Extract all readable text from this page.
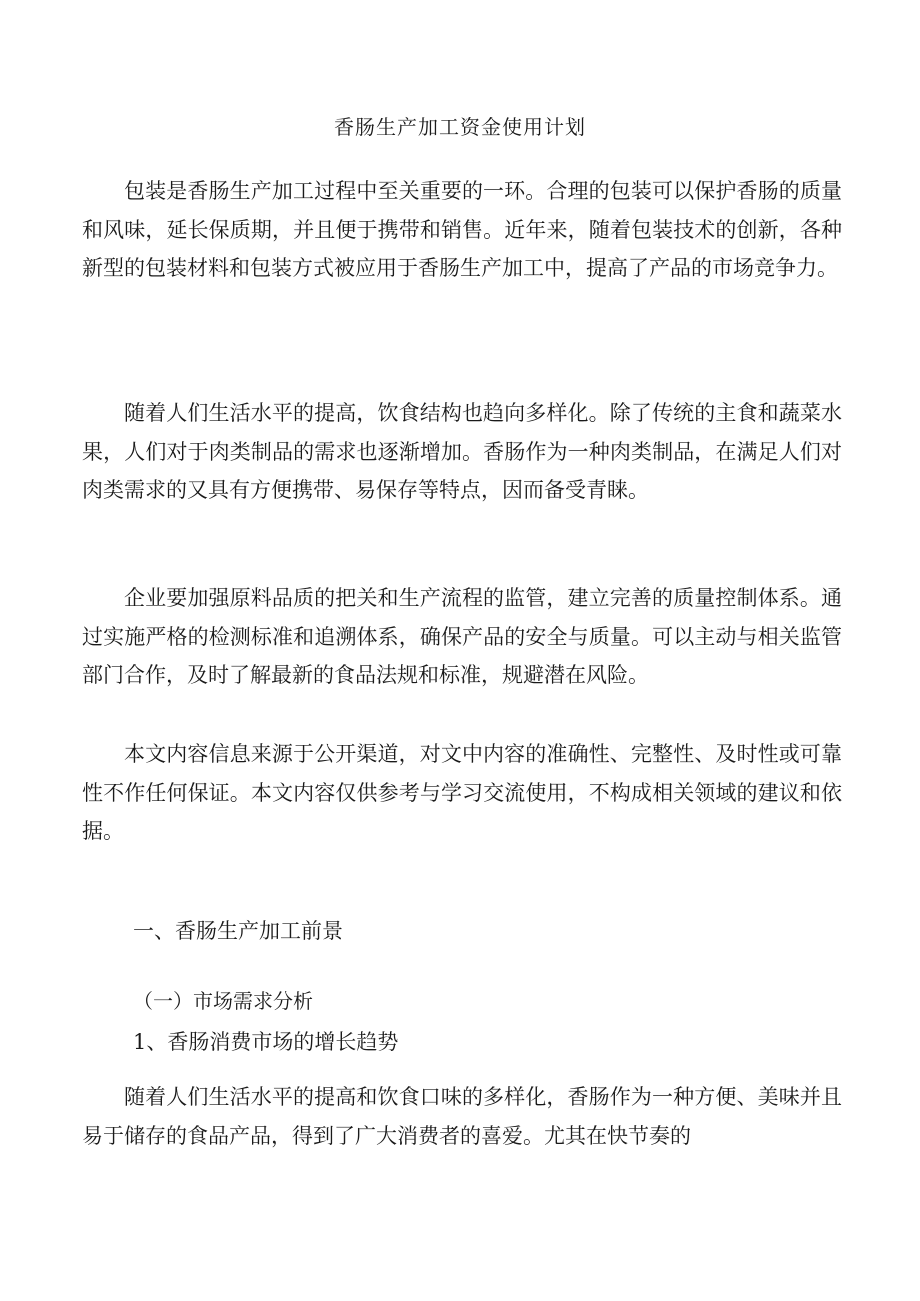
香肠生产加工资金使用计划

包装是香肠生产加工过程中至关重要的一环。合理的包装可以保护香肠的质量和风味，延长保质期，并且便于携带和销售。近年来，随着包装技术的创新，各种新型的包装材料和包装方式被应用于香肠生产加工中，提高了产品的市场竞争力。

随着人们生活水平的提高，饮食结构也趋向多样化。除了传统的主食和蔬菜水果，人们对于肉类制品的需求也逐渐增加。香肠作为一种肉类制品，在满足人们对肉类需求的又具有方便携带、易保存等特点，因而备受青睐。

企业要加强原料品质的把关和生产流程的监管，建立完善的质量控制体系。通过实施严格的检测标准和追溯体系，确保产品的安全与质量。可以主动与相关监管部门合作，及时了解最新的食品法规和标准，规避潜在风险。

本文内容信息来源于公开渠道，对文中内容的准确性、完整性、及时性或可靠性不作任何保证。本文内容仅供参考与学习交流使用，不构成相关领域的建议和依据。

一、香肠生产加工前景
（一）市场需求分析
1、香肠消费市场的增长趋势

随着人们生活水平的提高和饮食口味的多样化，香肠作为一种方便、美味并且易于储存的食品产品，得到了广大消费者的喜爱。尤其在快节奏的
